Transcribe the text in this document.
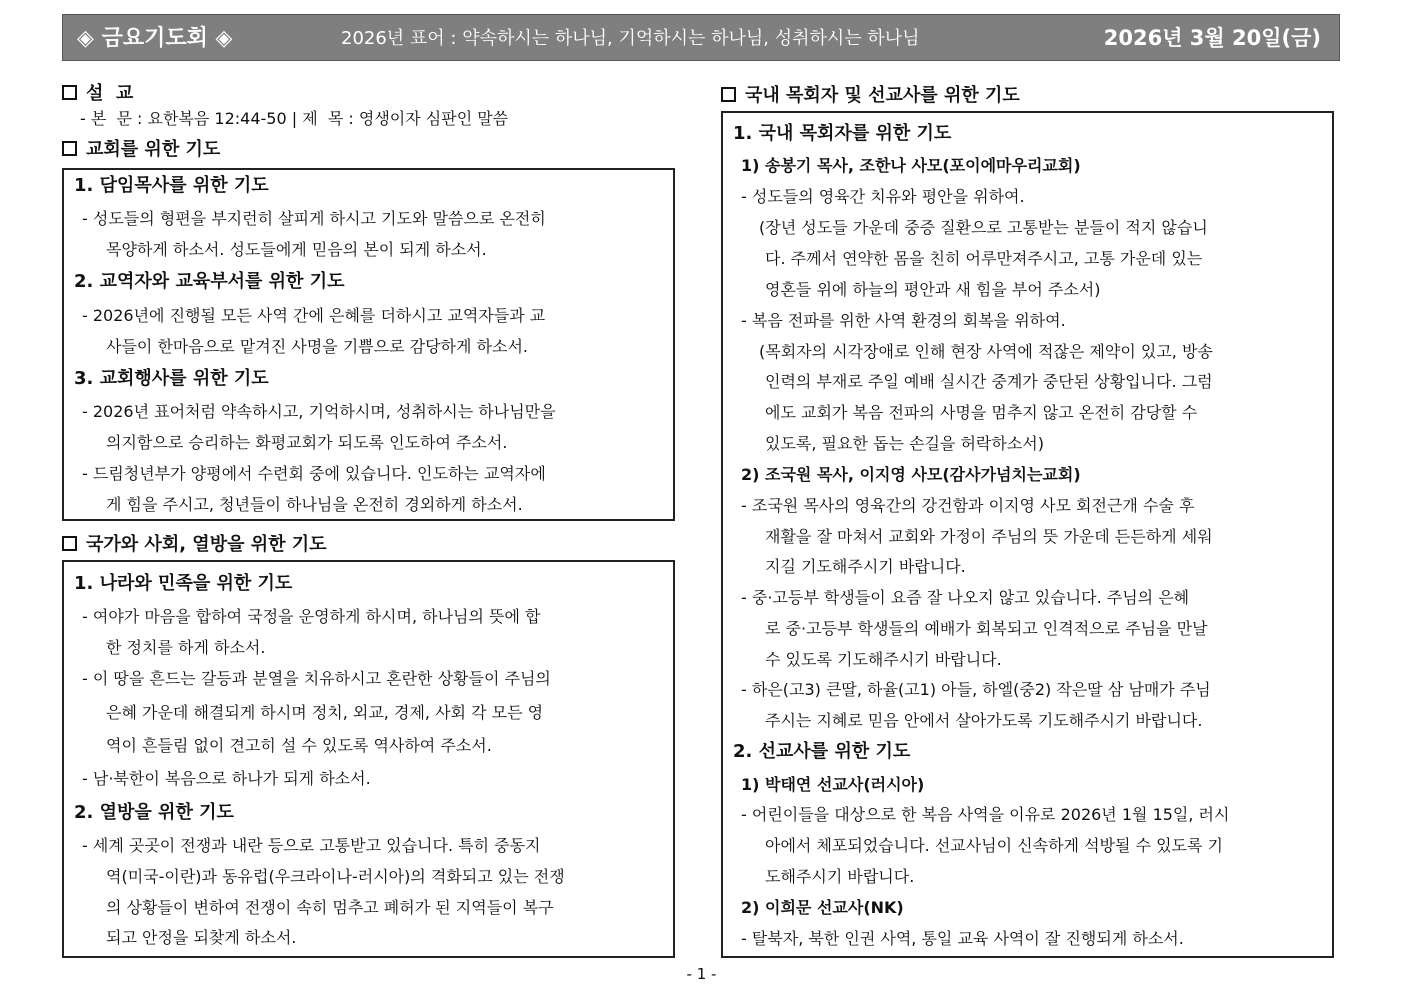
◈ 금요기도회 ◈	2026년 표어 : 약속하시는 하나님, 기억하시는 하나님, 성취하시는 하나님	2026년 3월 20일(금)
설  교
- 본  문 : 요한복음 12:44-50 | 제  목 : 영생이자 심판인 말씀
교회를 위한 기도
1. 담임목사를 위한 기도
- 성도들의 형편을 부지런히 살피게 하시고 기도와 말씀으로 온전히
목양하게 하소서. 성도들에게 믿음의 본이 되게 하소서.
2. 교역자와 교육부서를 위한 기도
- 2026년에 진행될 모든 사역 간에 은혜를 더하시고 교역자들과 교
사들이 한마음으로 맡겨진 사명을 기쁨으로 감당하게 하소서.
3. 교회행사를 위한 기도
- 2026년 표어처럼 약속하시고, 기억하시며, 성취하시는 하나님만을
의지함으로 승리하는 화평교회가 되도록 인도하여 주소서.
- 드림청년부가 양평에서 수련회 중에 있습니다. 인도하는 교역자에
게 힘을 주시고, 청년들이 하나님을 온전히 경외하게 하소서.
국가와 사회, 열방을 위한 기도
1. 나라와 민족을 위한 기도
- 여야가 마음을 합하여 국정을 운영하게 하시며, 하나님의 뜻에 합
한 정치를 하게 하소서.
- 이 땅을 흔드는 갈등과 분열을 치유하시고 혼란한 상황들이 주님의
은혜 가운데 해결되게 하시며 정치, 외교, 경제, 사회 각 모든 영
역이 흔들림 없이 견고히 설 수 있도록 역사하여 주소서.
- 남·북한이 복음으로 하나가 되게 하소서.
2. 열방을 위한 기도
- 세계 곳곳이 전쟁과 내란 등으로 고통받고 있습니다. 특히 중동지
역(미국-이란)과 동유럽(우크라이나-러시아)의 격화되고 있는 전쟁
의 상황들이 변하여 전쟁이 속히 멈추고 폐허가 된 지역들이 복구
되고 안정을 되찾게 하소서.
국내 목회자 및 선교사를 위한 기도
1. 국내 목회자를 위한 기도
1) 송봉기 목사, 조한나 사모(포이에마우리교회)
- 성도들의 영육간 치유와 평안을 위하여.
(장년 성도들 가운데 중증 질환으로 고통받는 분들이 적지 않습니
다. 주께서 연약한 몸을 친히 어루만져주시고, 고통 가운데 있는
영혼들 위에 하늘의 평안과 새 힘을 부어 주소서)
- 복음 전파를 위한 사역 환경의 회복을 위하여.
(목회자의 시각장애로 인해 현장 사역에 적잖은 제약이 있고, 방송
인력의 부재로 주일 예배 실시간 중계가 중단된 상황입니다. 그럼
에도 교회가 복음 전파의 사명을 멈추지 않고 온전히 감당할 수
있도록, 필요한 돕는 손길을 허락하소서)
2) 조국원 목사, 이지영 사모(감사가넘치는교회)
- 조국원 목사의 영육간의 강건함과 이지영 사모 회전근개 수술 후
재활을 잘 마쳐서 교회와 가정이 주님의 뜻 가운데 든든하게 세워
지길 기도해주시기 바랍니다.
- 중·고등부 학생들이 요즘 잘 나오지 않고 있습니다. 주님의 은혜
로 중·고등부 학생들의 예배가 회복되고 인격적으로 주님을 만날
수 있도록 기도해주시기 바랍니다.
- 하은(고3) 큰딸, 하율(고1) 아들, 하엘(중2) 작은딸 삼 남매가 주님
주시는 지혜로 믿음 안에서 살아가도록 기도해주시기 바랍니다.
2. 선교사를 위한 기도
1) 박태연 선교사(러시아)
- 어린이들을 대상으로 한 복음 사역을 이유로 2026년 1월 15일, 러시
아에서 체포되었습니다. 선교사님이 신속하게 석방될 수 있도록 기
도해주시기 바랍니다.
2) 이희문 선교사(NK)
- 탈북자, 북한 인권 사역, 통일 교육 사역이 잘 진행되게 하소서.
- 1 -
